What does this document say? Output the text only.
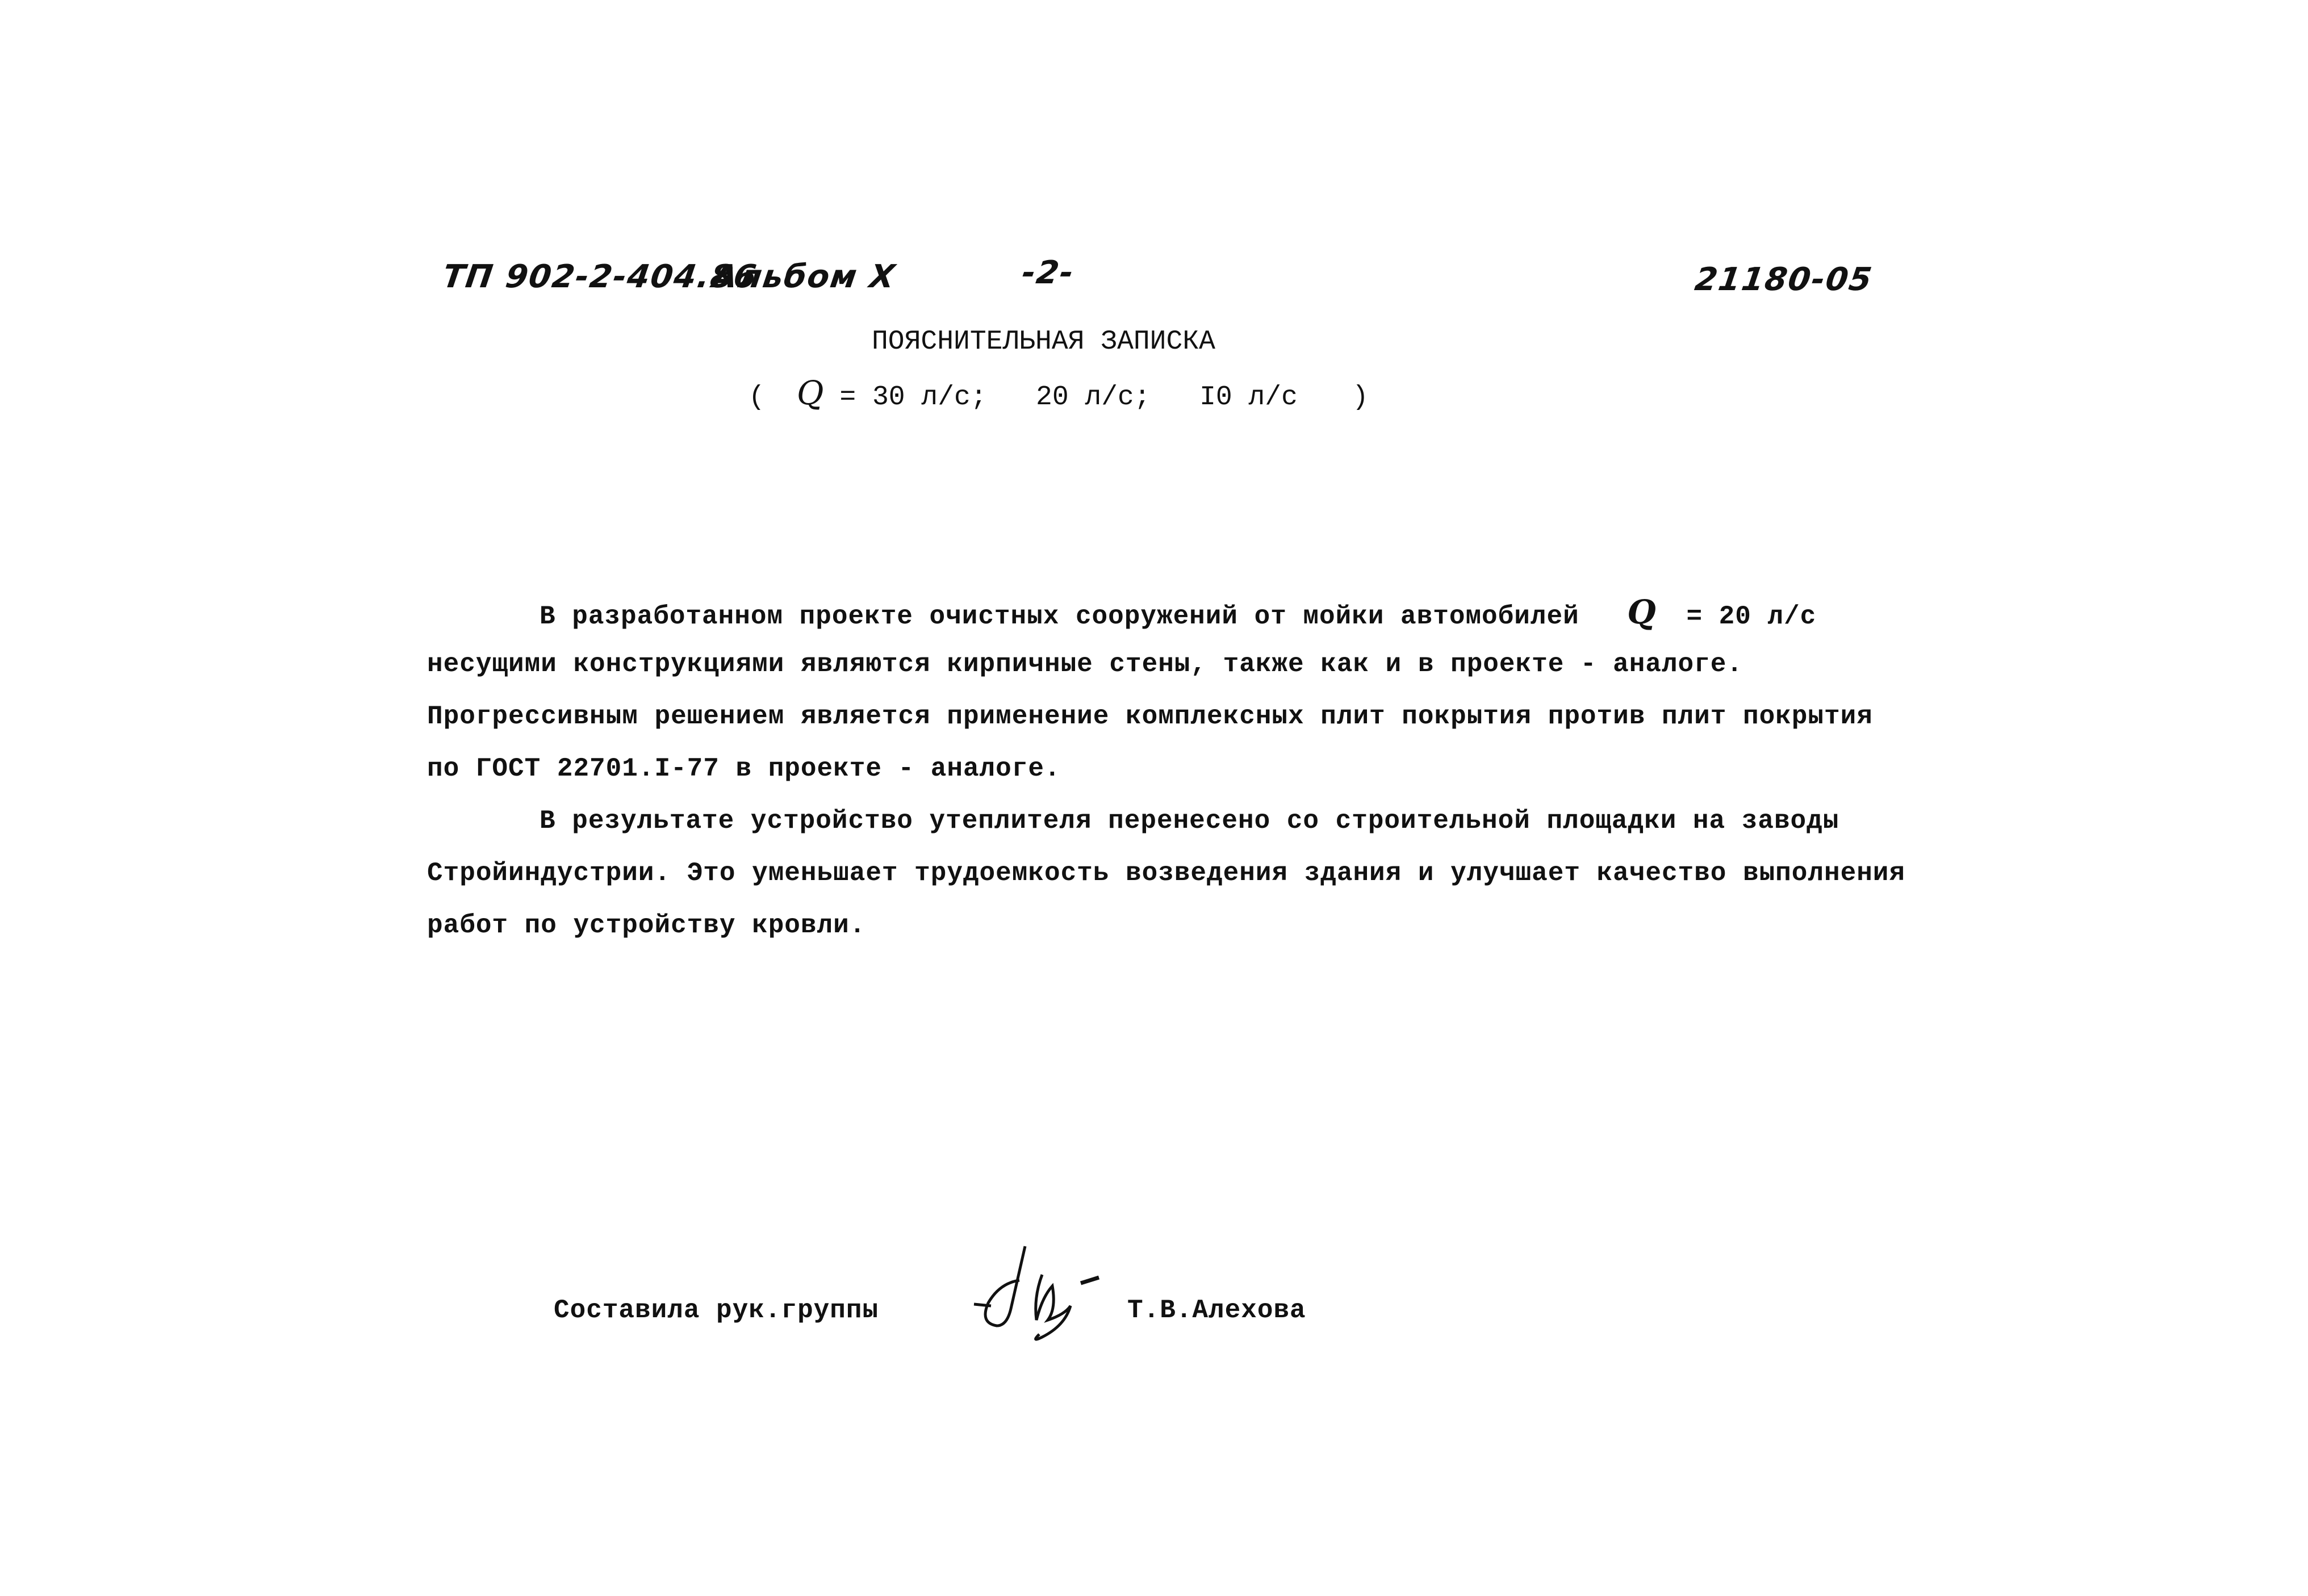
ТП 902-2-404.86
Альбом X	-2-	21180-05
ПОЯСНИТЕЛЬНАЯ ЗАПИСКА
( Q = 30 л/с;   20 л/с;   I0 л/с )
В разработанном проекте очистных сооружений от мойки автомобилей Q = 20 л/с
несущими конструкциями являются кирпичные стены, также как и в проекте - аналоге.
Прогрессивным решением является применение комплексных плит покрытия против плит покрытия
по ГОСТ 22701.I-77 в проекте - аналоге.
В результате устройство утеплителя перенесено со строительной площадки на заводы
Стройиндустрии. Это уменьшает трудоемкость возведения здания и улучшает качество выполнения
работ по устройству кровли.
Составила рук.группы	Т.В.Алехова
